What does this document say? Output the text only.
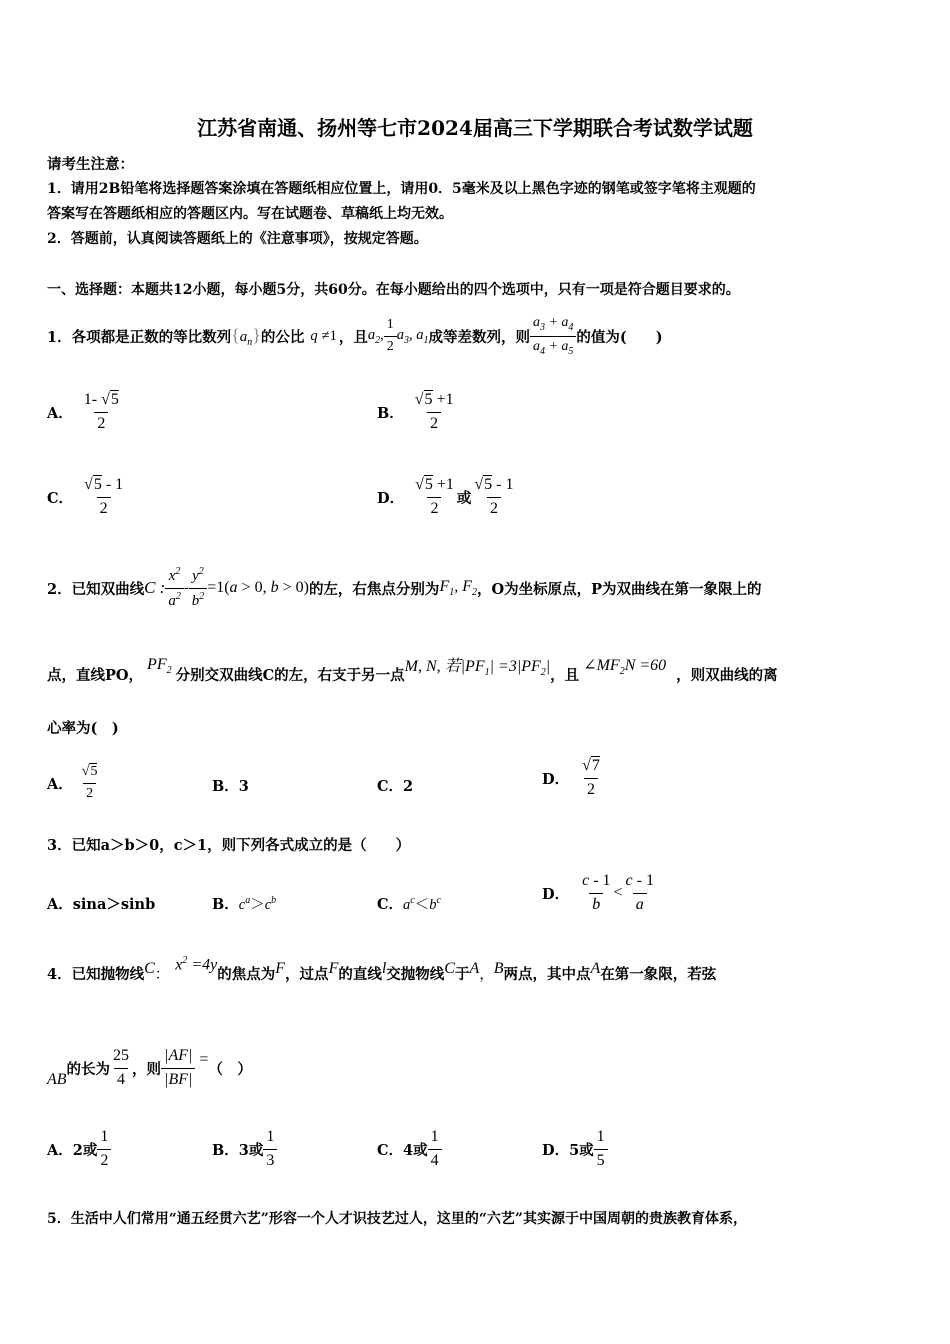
江苏省南通、扬州等七市2024届高三下学期联合考试数学试题
请考生注意：
1．请用2B铅笔将选择题答案涂填在答题纸相应位置上，请用0．5毫米及以上黑色字迹的钢笔或签字笔将主观题的
答案写在答题纸相应的答题区内。写在试题卷、草稿纸上均无效。
2．答题前，认真阅读答题纸上的《注意事项》，按规定答题。
一、选择题：本题共12小题，每小题5分，共60分。在每小题给出的四个选项中，只有一项是符合题目要求的。
1．各项都是正数的等比数列 $\{a_n\}$ 的公比 q ≠1 ，且 $a_2$, $\frac{1}{2} a_3$, $a_1$ 成等差数列，则 $\frac{a_3 + a_4}{a_4 + a_5}$ 的值为(　　)
A． $\frac{1- √5}{2}$	B． $\frac{√5 +1}{2}$
C． $\frac{√5 - 1}{2}$	D． $\frac{√5 +1}{2}$ 或 $\frac{√5 - 1}{2}$
2．已知双曲线 C : $\frac{x^2}{a^2} - \frac{y^2}{b^2} =1(a > 0$, b > 0) 的左，右焦点分别为 $F_1$, $F_2$ ，O为坐标原点，P为双曲线在第一象限上的
点，直线PO，
$PF_2$ 分别交双曲线C的左，右支于另一点 M, N, 若$|PF_1| =3|PF_2|$ ，且
$\angle MF_2N =60$
，则双曲线的离
心率为(　)
A． $\frac{√5}{2}$	B．3	C．2	D． $\frac{√7}{2}$
3．已知a＞b＞0，c＞1，则下列各式成立的是（　　）
A．sina＞sinb	B．$c^a>c^b$	C．$a^c<b^c$	D． $\frac{c - 1}{b} < \frac{c - 1}{a}$
4．已知抛物线 C ：
$x^2 =4y$
的焦点为 F ，过点 F 的直线 l 交抛物线 C 于 A ， B 两点，其中点 A 在第一象限，若弦
AB
的长为 $\frac{25}{4}$ ，则 $\frac{|AF|}{|BF|}$ =
（　）
A．2或 $\frac{1}{2}$	B．3或 $\frac{1}{3}$	C．4或 $\frac{1}{4}$	D．5或 $\frac{1}{5}$
5．生活中人们常用“通五经贯六艺”形容一个人才识技艺过人，这里的“六艺”其实源于中国周朝的贵族教育体系，
